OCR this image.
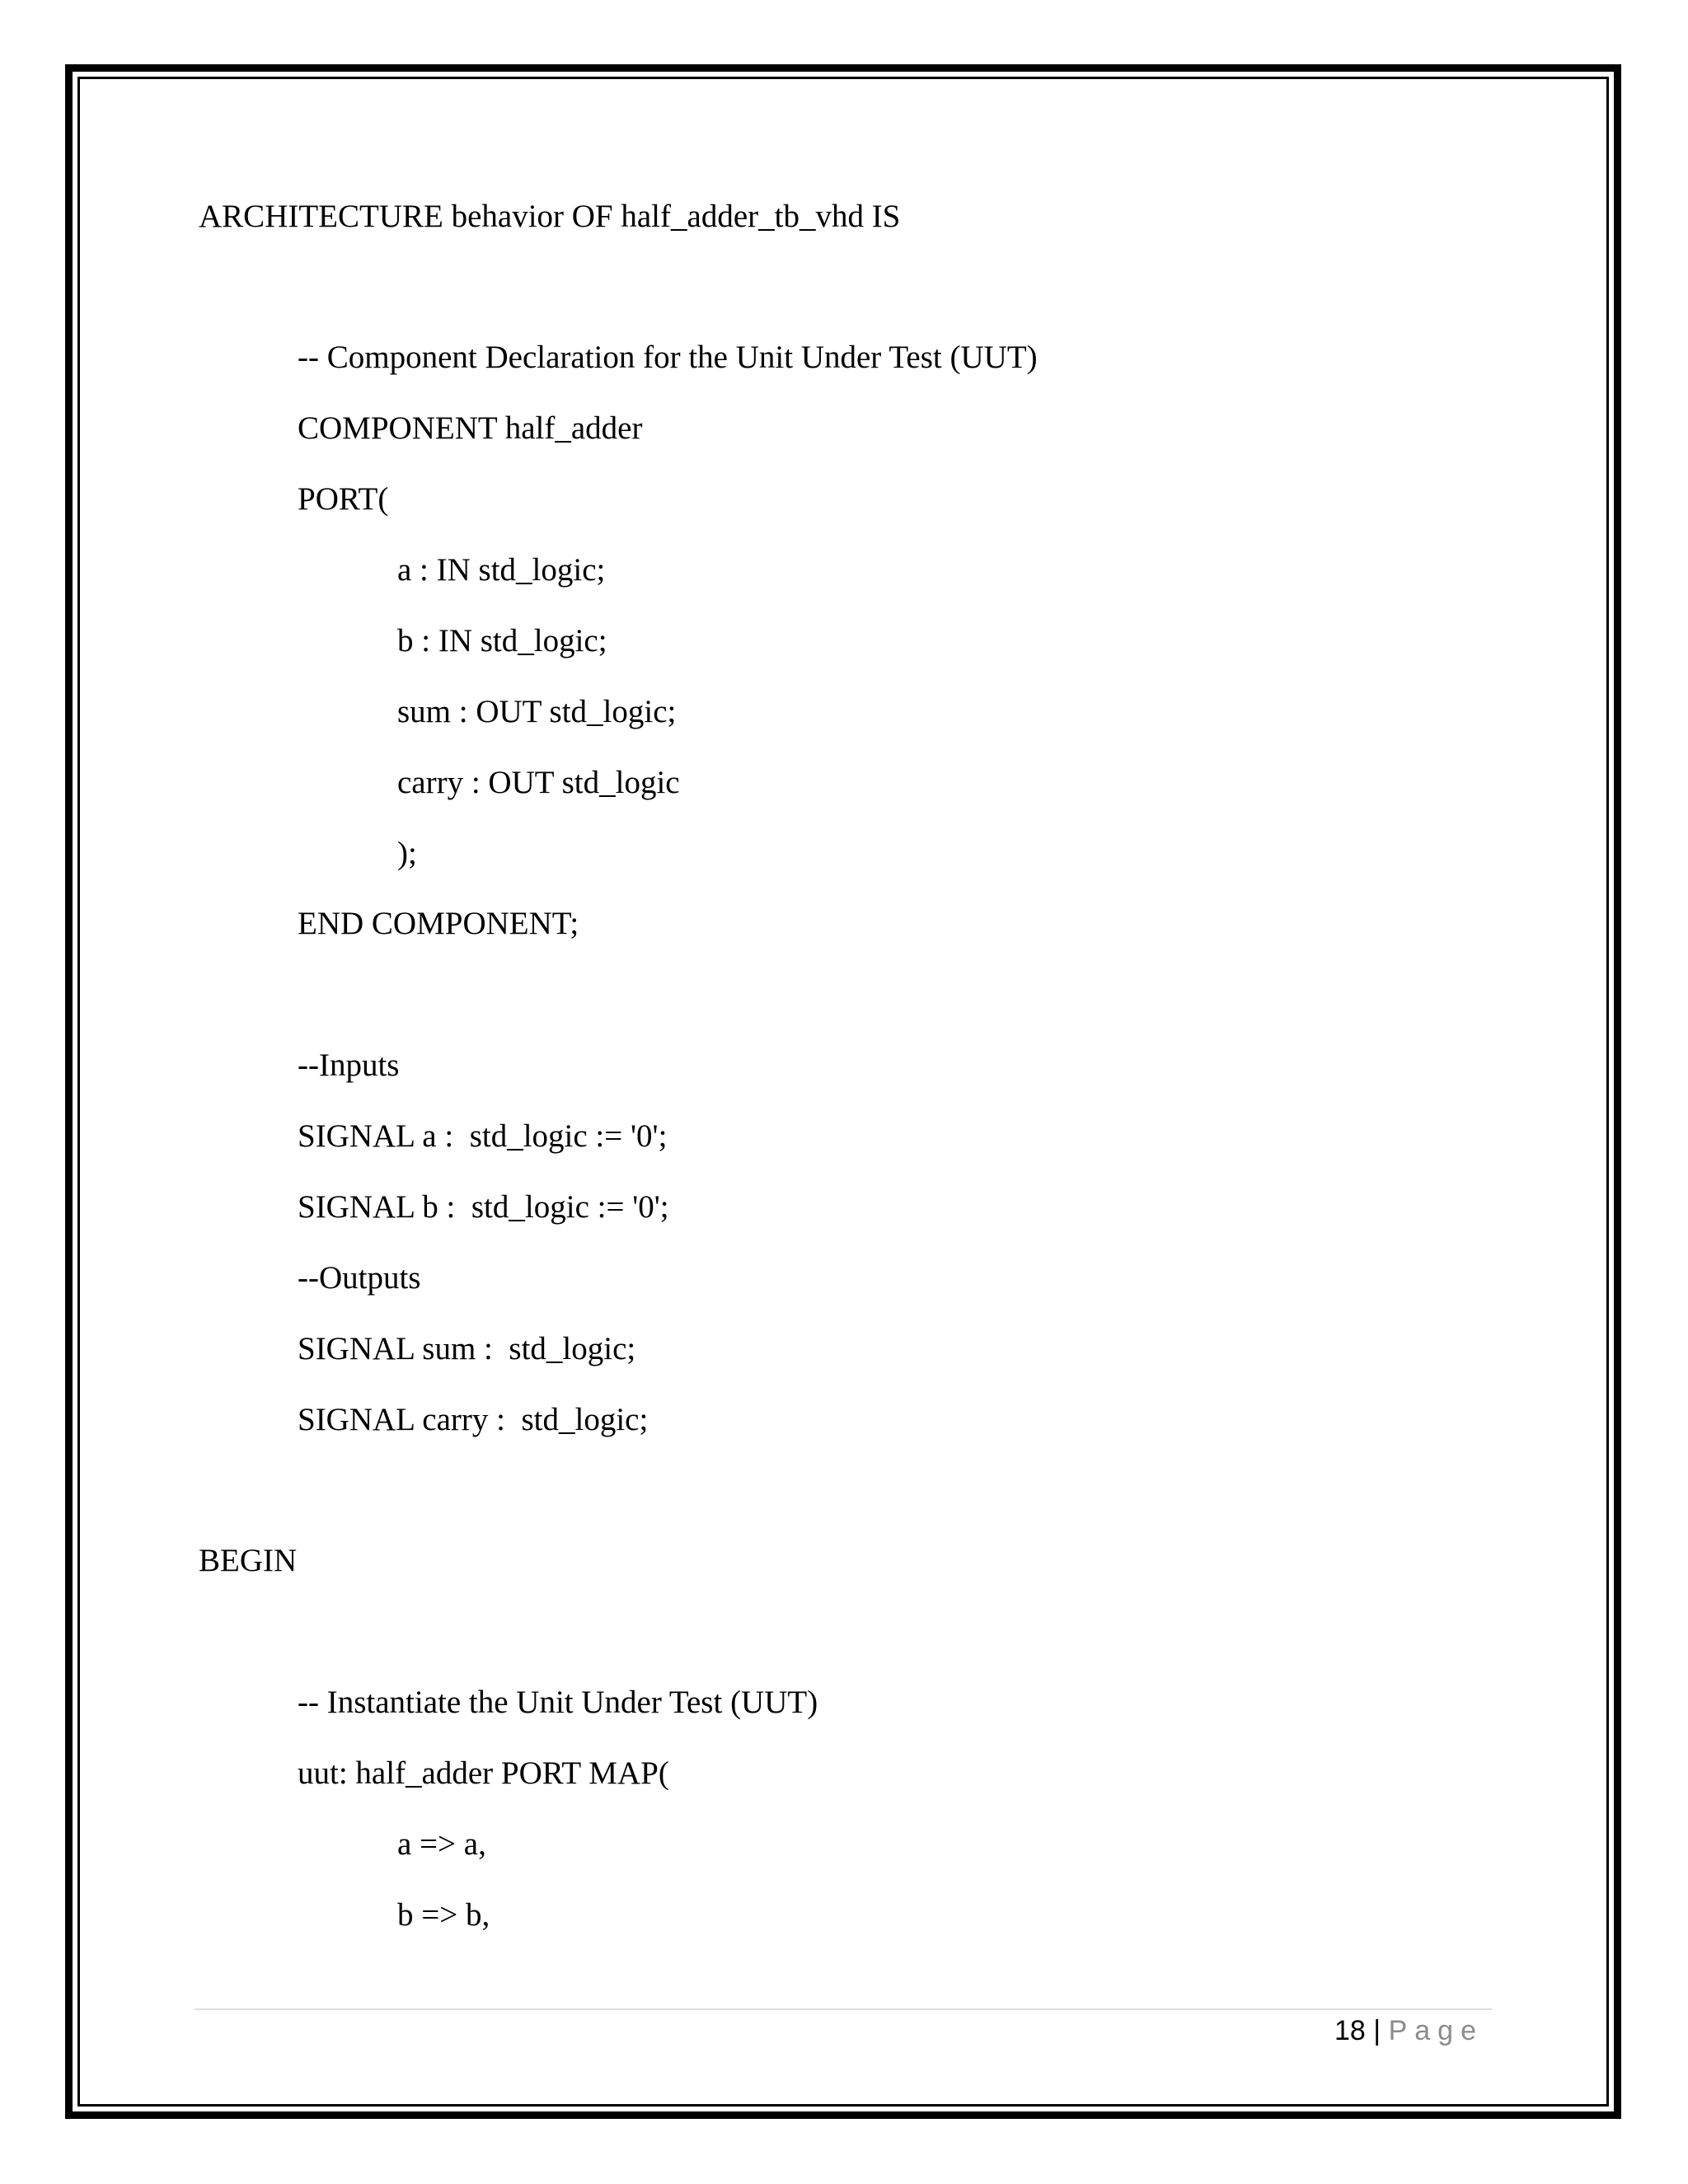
ARCHITECTURE behavior OF half_adder_tb_vhd IS
-- Component Declaration for the Unit Under Test (UUT)
COMPONENT half_adder
PORT(
a : IN std_logic;
b : IN std_logic;
sum : OUT std_logic;
carry : OUT std_logic
);
END COMPONENT;
--Inputs
SIGNAL a :  std_logic := '0';
SIGNAL b :  std_logic := '0';
--Outputs
SIGNAL sum :  std_logic;
SIGNAL carry :  std_logic;
BEGIN
-- Instantiate the Unit Under Test (UUT)
uut: half_adder PORT MAP(
a => a,
b => b,
18 | Page
